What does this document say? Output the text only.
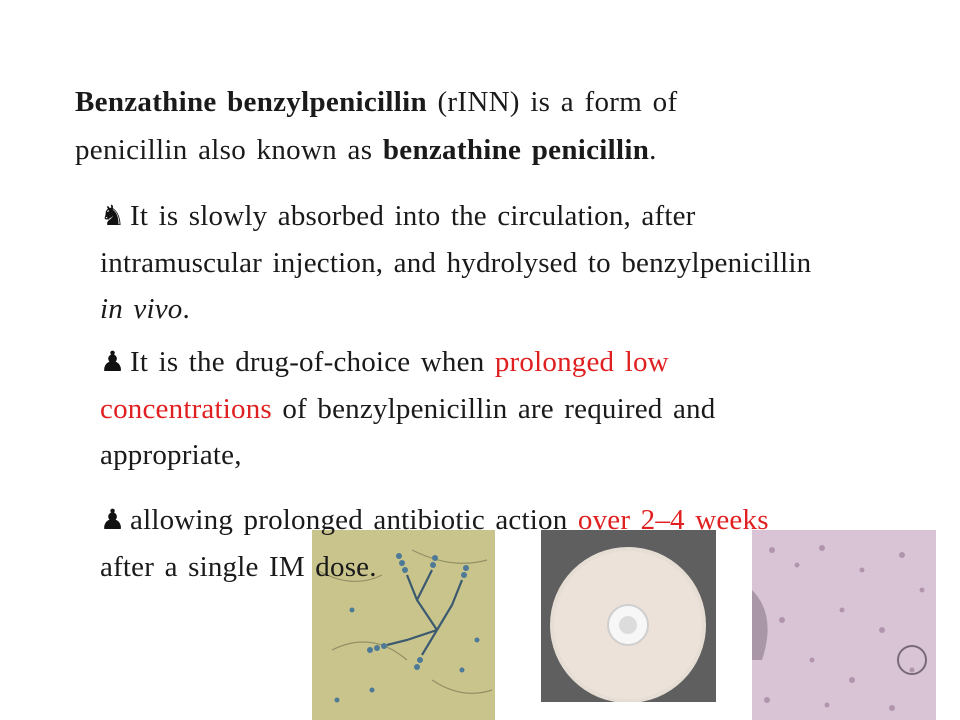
Benzathine benzylpenicillin (rINN) is a form of
penicillin also known as benzathine penicillin.

♞ It is slowly absorbed into the circulation, after intramuscular injection, and hydrolysed to benzylpenicillin in vivo.

♟ It is the drug-of-choice when prolonged low concentrations of benzylpenicillin are required and appropriate,

♟ allowing prolonged antibiotic action over 2–4 weeks after a single IM dose.
